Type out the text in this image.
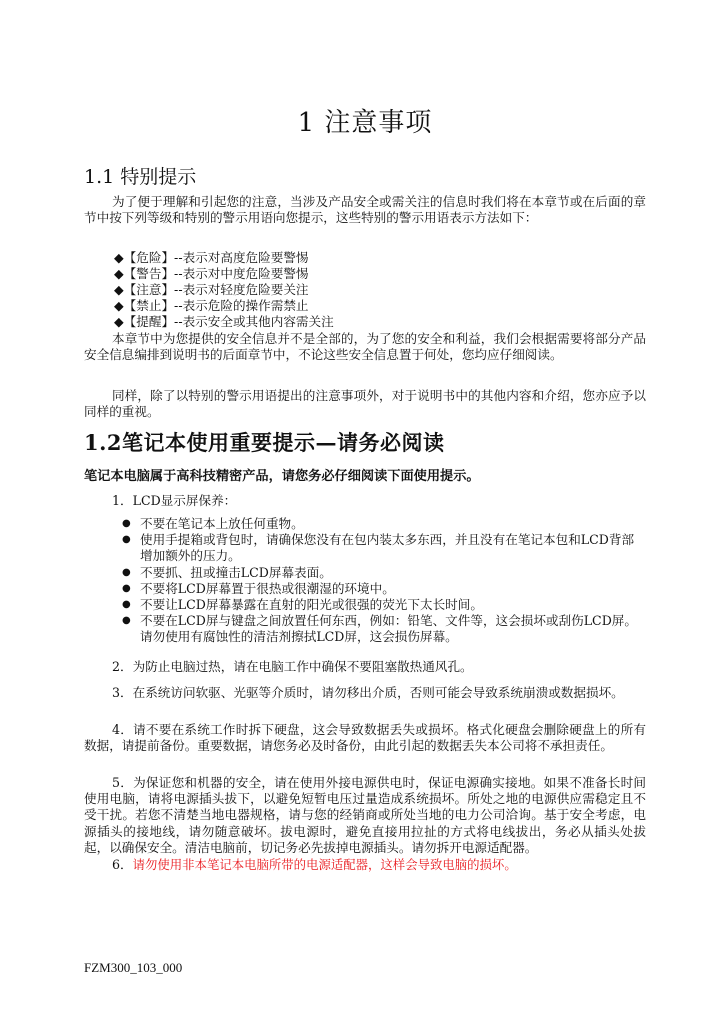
1 注意事项
1.1 特别提示
为了便于理解和引起您的注意，当涉及产品安全或需关注的信息时我们将在本章节或在后面的章节中按下列等级和特别的警示用语向您提示，这些特别的警示用语表示方法如下：
◆【危险】--表示对高度危险要警惕
◆【警告】--表示对中度危险要警惕
◆【注意】--表示对轻度危险要关注
◆【禁止】--表示危险的操作需禁止
◆【提醒】--表示安全或其他内容需关注
本章节中为您提供的安全信息并不是全部的，为了您的安全和利益，我们会根据需要将部分产品安全信息编排到说明书的后面章节中，不论这些安全信息置于何处，您均应仔细阅读。
同样，除了以特别的警示用语提出的注意事项外，对于说明书中的其他内容和介绍，您亦应予以同样的重视。
1.2笔记本使用重要提示—请务必阅读
笔记本电脑属于高科技精密产品，请您务必仔细阅读下面使用提示。
1．LCD显示屏保养：
● 不要在笔记本上放任何重物。
● 使用手提箱或背包时，请确保您没有在包内装太多东西，并且没有在笔记本包和LCD背部增加额外的压力。
● 不要抓、扭或撞击LCD屏幕表面。
● 不要将LCD屏幕置于很热或很潮湿的环境中。
● 不要让LCD屏幕暴露在直射的阳光或很强的荧光下太长时间。
● 不要在LCD屏与键盘之间放置任何东西，例如：铅笔、文件等，这会损坏或刮伤LCD屏。请勿使用有腐蚀性的清洁剂擦拭LCD屏，这会损伤屏幕。
2．为防止电脑过热，请在电脑工作中确保不要阻塞散热通风孔。
3．在系统访问软驱、光驱等介质时，请勿移出介质，否则可能会导致系统崩溃或数据损坏。
4．请不要在系统工作时拆下硬盘，这会导致数据丢失或损坏。格式化硬盘会删除硬盘上的所有数据，请提前备份。重要数据，请您务必及时备份，由此引起的数据丢失本公司将不承担责任。
5．为保证您和机器的安全，请在使用外接电源供电时，保证电源确实接地。如果不准备长时间使用电脑，请将电源插头拔下，以避免短暂电压过量造成系统损坏。所处之地的电源供应需稳定且不受干扰。若您不清楚当地电器规格，请与您的经销商或所处当地的电力公司洽询。基于安全考虑，电源插头的接地线，请勿随意破坏。拔电源时，避免直接用拉扯的方式将电线拔出，务必从插头处拔起，以确保安全。清洁电脑前，切记务必先拔掉电源插头。请勿拆开电源适配器。
6．请勿使用非本笔记本电脑所带的电源适配器，这样会导致电脑的损坏。
FZM300_103_000
